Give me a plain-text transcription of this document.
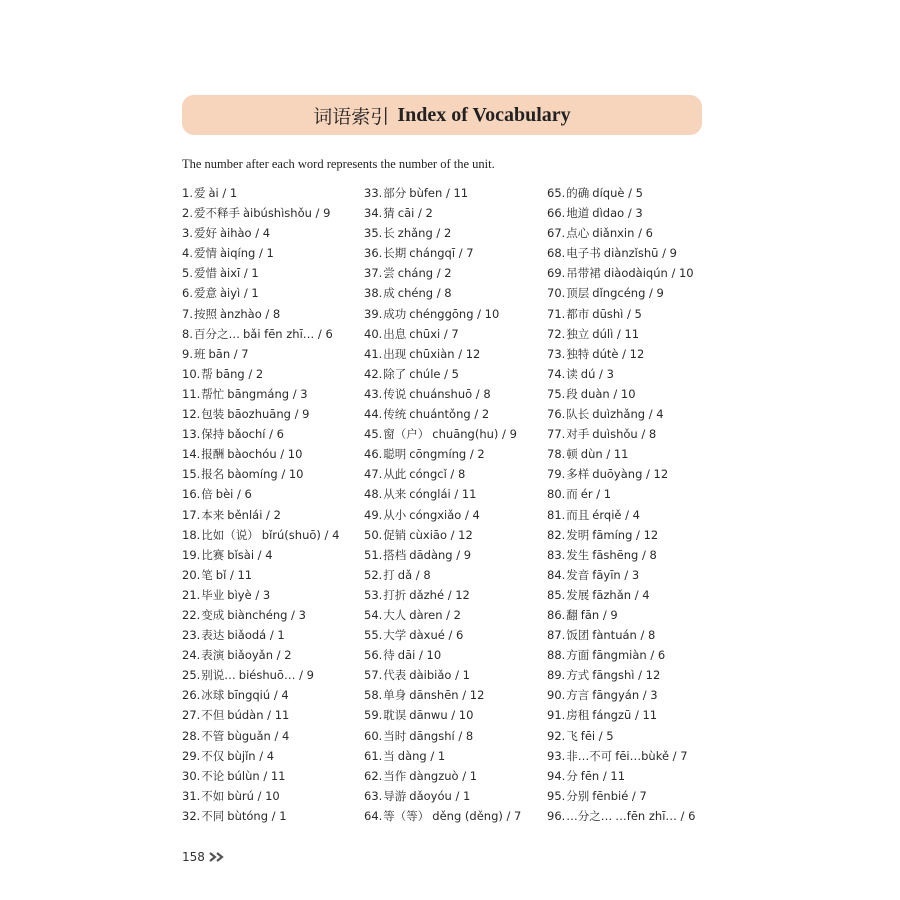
词语索引 Index of Vocabulary
The number after each word represents the number of the unit.
1.爱 ài / 1
2.爱不释手 àibúshìshǒu / 9
3.爱好 àihào / 4
4.爱情 àiqíng / 1
5.爱惜 àixī / 1
6.爱意 àiyì / 1
7.按照 ànzhào / 8
8.百分之… bǎi fēn zhī… / 6
9.班 bān / 7
10.帮 bāng / 2
11.帮忙 bāngmáng / 3
12.包装 bāozhuāng / 9
13.保持 bǎochí / 6
14.报酬 bàochóu / 10
15.报名 bàomíng / 10
16.倍 bèi / 6
17.本来 běnlái / 2
18.比如（说） bǐrú(shuō) / 4
19.比赛 bǐsài / 4
20.笔 bǐ / 11
21.毕业 bìyè / 3
22.变成 biànchéng / 3
23.表达 biǎodá / 1
24.表演 biǎoyǎn / 2
25.别说… biéshuō… / 9
26.冰球 bīngqiú / 4
27.不但 búdàn / 11
28.不管 bùguǎn / 4
29.不仅 bùjǐn / 4
30.不论 búlùn / 11
31.不如 bùrú / 10
32.不同 bùtóng / 1
33.部分 bùfen / 11
34.猜 cāi / 2
35.长 zhǎng / 2
36.长期 chángqī / 7
37.尝 cháng / 2
38.成 chéng / 8
39.成功 chénggōng / 10
40.出息 chūxi / 7
41.出现 chūxiàn / 12
42.除了 chúle / 5
43.传说 chuánshuō / 8
44.传统 chuántǒng / 2
45.窗（户） chuāng(hu) / 9
46.聪明 cōngmíng / 2
47.从此 cóngcǐ / 8
48.从来 cónglái / 11
49.从小 cóngxiǎo / 4
50.促销 cùxiāo / 12
51.搭档 dādàng / 9
52.打 dǎ / 8
53.打折 dǎzhé / 12
54.大人 dàren / 2
55.大学 dàxué / 6
56.待 dāi / 10
57.代表 dàibiǎo / 1
58.单身 dānshēn / 12
59.耽误 dānwu / 10
60.当时 dāngshí / 8
61.当 dàng / 1
62.当作 dàngzuò / 1
63.导游 dǎoyóu / 1
64.等（等） děng (děng) / 7
65.的确 díquè / 5
66.地道 dìdao / 3
67.点心 diǎnxin / 6
68.电子书 diànzǐshū / 9
69.吊带裙 diàodàiqún / 10
70.顶层 dǐngcéng / 9
71.都市 dūshì / 5
72.独立 dúlì / 11
73.独特 dútè / 12
74.读 dú / 3
75.段 duàn / 10
76.队长 duìzhǎng / 4
77.对手 duìshǒu / 8
78.顿 dùn / 11
79.多样 duōyàng / 12
80.而 ér / 1
81.而且 érqiě / 4
82.发明 fāmíng / 12
83.发生 fāshēng / 8
84.发音 fāyīn / 3
85.发展 fāzhǎn / 4
86.翻 fān / 9
87.饭团 fàntuán / 8
88.方面 fāngmiàn / 6
89.方式 fāngshì / 12
90.方言 fāngyán / 3
91.房租 fángzū / 11
92.飞 fēi / 5
93.非…不可 fēi…bùkě / 7
94.分 fēn / 11
95.分别 fēnbié / 7
96.…分之… …fēn zhī… / 6
158
